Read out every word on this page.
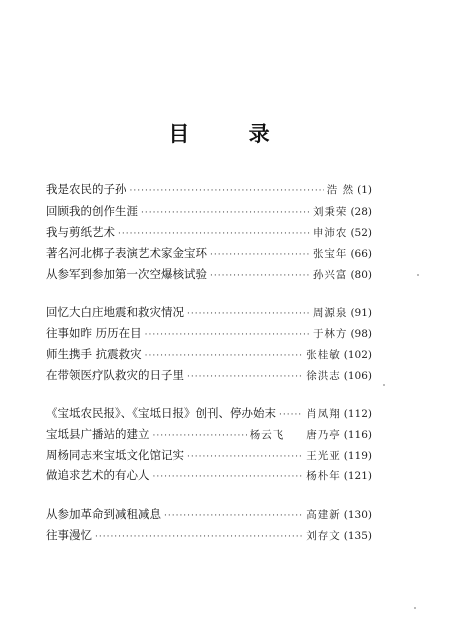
目 录
我是农民的子孙 ·····	浩 然 (1)
回顾我的创作生涯 ·····	刘秉荣 (28)
我与剪纸艺术 ·····	申沛农 (52)
著名河北梆子表演艺术家金宝环 ·····	张宝年 (66)
从参军到参加第一次空爆核试验 ·····	孙兴富 (80)
回忆大白庄地震和救灾情况 ·····	周源泉 (91)
往事如昨 历历在目 ·····	于林方 (98)
师生携手 抗震救灾 ·····	张桂敏 (102)
在带领医疗队救灾的日子里 ·····	徐洪志 (106)
《宝坻农民报》、《宝坻日报》创刊、停办始末 ·····	肖凤翔 (112)
宝坻县广播站的建立 ·····	杨云飞 唐乃亭 (116)
周杨同志来宝坻文化馆记实 ·····	王光亚 (119)
做追求艺术的有心人 ·····	杨朴年 (121)
从参加革命到减租减息 ·····	高建新 (130)
往事漫忆 ·····	刘存文 (135)
